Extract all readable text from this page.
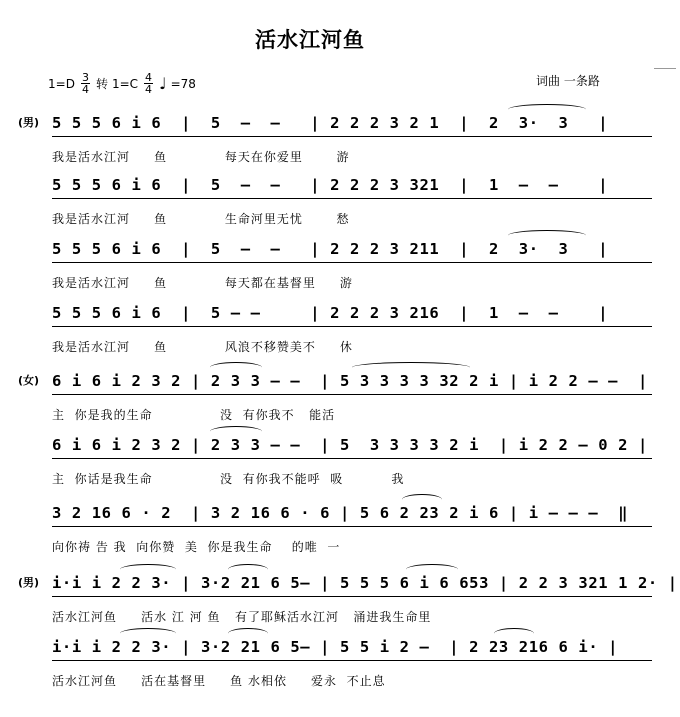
活水江河鱼
$1=D \frac{3}{4}$ 转 $1=C \frac{4}{4}$ ♩ =78	词曲 一条路
(男) 5 5 5 6 i 6  |  5  –  –   | 2 2 2 3 2 1  |  2  3·  3   |
我是活水江河     鱼            每天在你爱里       游
5 5 5 6 i 6  |  5  –  –   | 2 2 2 3 321  |  1  –  –    |
我是活水江河     鱼            生命河里无忧       愁
5 5 5 6 i 6  |  5  –  –   | 2 2 2 3 211  |  2  3·  3   |
我是活水江河     鱼            每天都在基督里     游
5 5 5 6 i 6  |  5 – –     | 2 2 2 3 216  |  1  –  –    |
我是活水江河     鱼            风浪不移赞美不     休
(女) 6 i 6 i 2 3 2 | 2 3 3 – –  | 5 3 3 3 3 32 2 i | i 2 2 – –  |
主  你是我的生命              没  有你我不   能活
6 i 6 i 2 3 2 | 2 3 3 – –  | 5  3 3 3 3 2 i  | i 2 2 – 0 2 |
主  你话是我生命              没  有你我不能呼  吸          我
3 2 16 6 · 2  | 3 2 16 6 · 6 | 5 6 2 23 2 i 6 | i – – –  ‖
向你祷 告 我  向你赞  美  你是我生命    的唯  一
(男) i·i i 2 2 3· | 3·2 21 6 5– | 5 5 5 6 i 6 653 | 2 2 3 321 1 2· |
活水江河鱼     活水 江 河 鱼   有了耶稣活水江河   涌进我生命里
i·i i 2 2 3· | 3·2 21 6 5– | 5 5 i 2 –  | 2 23 216 6 i· |
活水江河鱼     活在基督里     鱼 水相依     爱永  不止息
